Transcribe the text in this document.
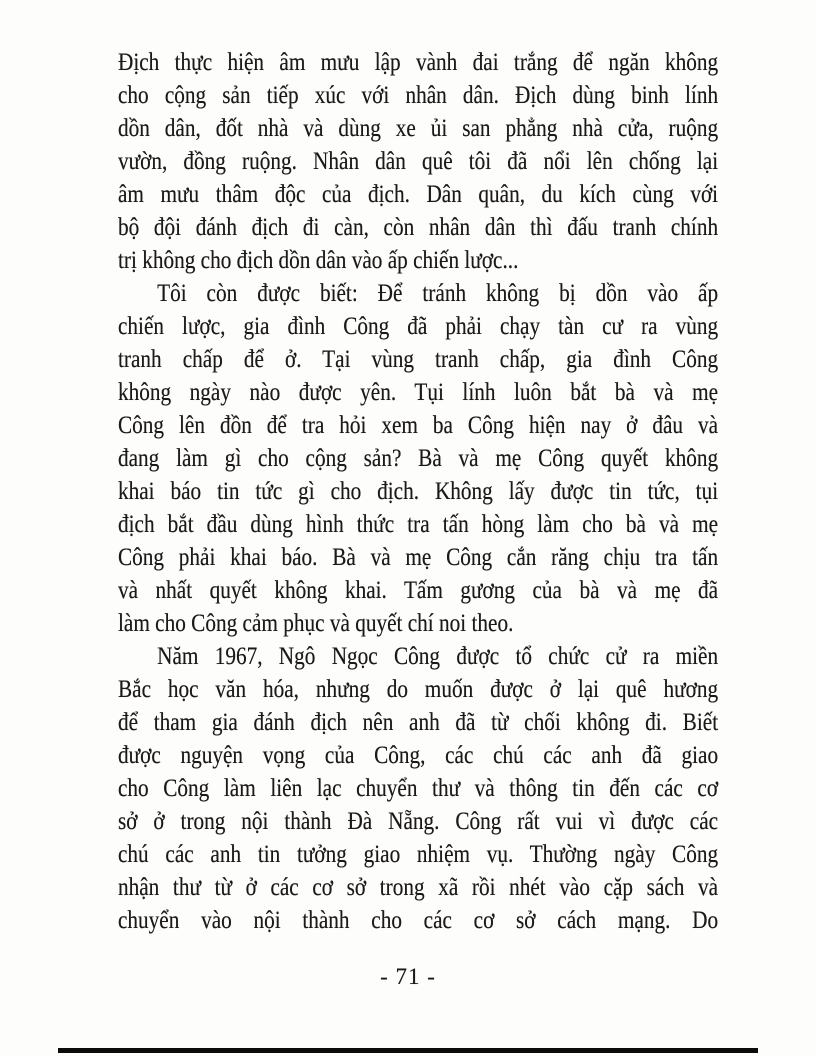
Địch thực hiện âm mưu lập vành đai trắng để ngăn không
cho cộng sản tiếp xúc với nhân dân. Địch dùng binh lính
dồn dân, đốt nhà và dùng xe ủi san phẳng nhà cửa, ruộng
vườn, đồng ruộng. Nhân dân quê tôi đã nổi lên chống lại
âm mưu thâm độc của địch. Dân quân, du kích cùng với
bộ đội đánh địch đi càn, còn nhân dân thì đấu tranh chính
trị không cho địch dồn dân vào ấp chiến lược...
Tôi còn được biết: Để tránh không bị dồn vào ấp
chiến lược, gia đình Công đã phải chạy tàn cư ra vùng
tranh chấp để ở. Tại vùng tranh chấp, gia đình Công
không ngày nào được yên. Tụi lính luôn bắt bà và mẹ
Công lên đồn để tra hỏi xem ba Công hiện nay ở đâu và
đang làm gì cho cộng sản? Bà và mẹ Công quyết không
khai báo tin tức gì cho địch. Không lấy được tin tức, tụi
địch bắt đầu dùng hình thức tra tấn hòng làm cho bà và mẹ
Công phải khai báo. Bà và mẹ Công cắn răng chịu tra tấn
và nhất quyết không khai. Tấm gương của bà và mẹ đã
làm cho Công cảm phục và quyết chí noi theo.
Năm 1967, Ngô Ngọc Công được tổ chức cử ra miền
Bắc học văn hóa, nhưng do muốn được ở lại quê hương
để tham gia đánh địch nên anh đã từ chối không đi. Biết
được nguyện vọng của Công, các chú các anh đã giao
cho Công làm liên lạc chuyển thư và thông tin đến các cơ
sở ở trong nội thành Đà Nẵng. Công rất vui vì được các
chú các anh tin tưởng giao nhiệm vụ. Thường ngày Công
nhận thư từ ở các cơ sở trong xã rồi nhét vào cặp sách và
chuyển vào nội thành cho các cơ sở cách mạng. Do
- 71 -
